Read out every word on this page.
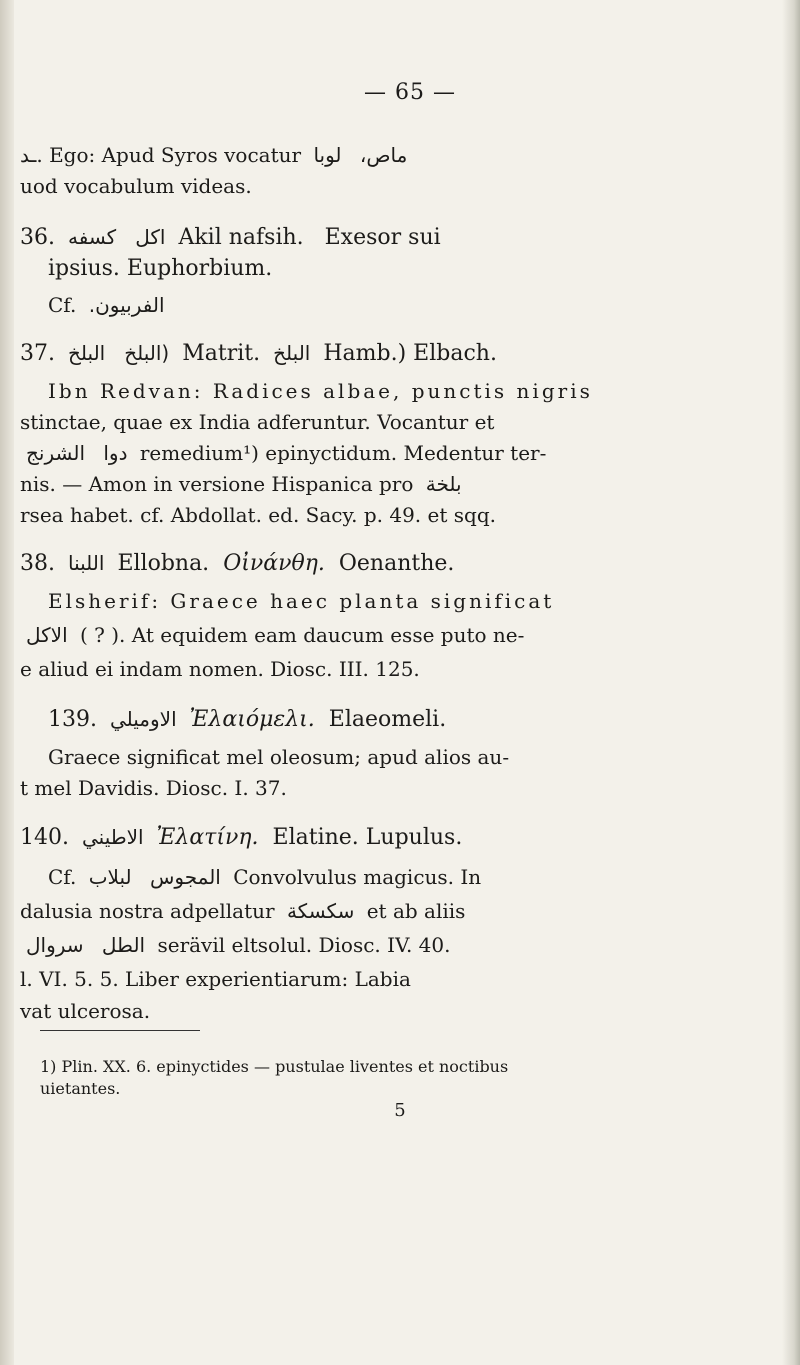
— 65 —
ـد. Ego: Apud Syros vocatur لوبا ماص،
uod vocabulum videas.
36. كسفه اكل Akil nafsih. Exesor sui
ipsius. Euphorbium.
Cf. الفربيون.
37. البلخ (البلخ Matrit. البلخ Hamb.) Elbach.
Ibn Redvan: Radices albae, punctis nigris
stinctae, quae ex India adferuntur. Vocantur et
الشرنج دوا remedium¹) epinyctidum. Medentur ter-
nis. — Amon in versione Hispanica pro بلخة
rsea habet. cf. Abdollat. ed. Sacy. p. 49. et sqq.
38. اللبنا Ellobna. Οἰνάνθη. Oenanthe.
Elsherif: Graece haec planta significat
الاكل ( ? ). At equidem eam daucum esse puto ne-
e aliud ei indam nomen. Diosc. III. 125.
139. الاوميلي Ἐλαιόμελι. Elaeomeli.
Graece significat mel oleosum; apud alios au-
t mel Davidis. Diosc. I. 37.
140. الاطيني Ἐλατίνη. Elatine. Lupulus.
Cf. لبلاب المجوس Convolvulus magicus. In
dalusia nostra adpellatur سكسكة et ab aliis
سروال الطل serävil eltsolul. Diosc. IV. 40.
l. VI. 5. 5. Liber experientiarum: Labia
vat ulcerosa.
1) Plin. XX. 6. epinyctides — pustulae liventes et noctibus
uietantes.
5
